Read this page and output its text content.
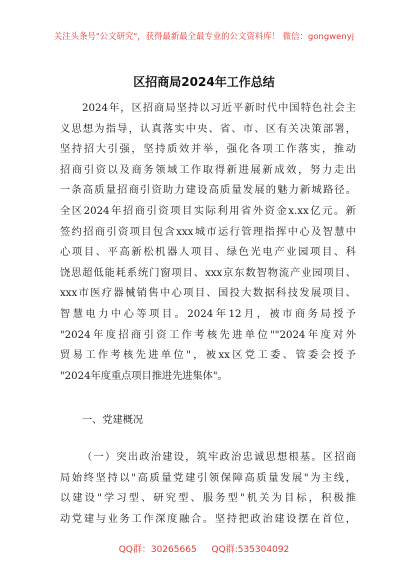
关注头条号"公文研究"，获得最新最全最专业的公文资料库！ 微信：gongwenyj
区招商局2024年工作总结
2024年，区招商局坚持以习近平新时代中国特色社会主
义思想为指导，认真落实中央、省、市、区有关决策部署，
坚持招大引强，坚持质效并举，强化各项工作落实，推动
招商引资以及商务领域工作取得新进展新成效，努力走出
一条高质量招商引资助力建设高质量发展的魅力新城路径。
全区2024年招商引资项目实际利用省外资金x.xx亿元。新
签约招商引资项目包含xxx城市运行管理指挥中心及智慧中
心项目、平高新松机器人项目、绿色光电产业园项目、科
饶思超低能耗系统门窗项目、xxx京东数智物流产业园项目、
xxx市医疗器械销售中心项目、国投大数据科技发展项目、
智慧电力中心等项目。2024年12月，被市商务局授予
"2024年度招商引资工作考核先进单位""2024年度对外
贸易工作考核先进单位"，被xx区党工委、管委会授予
"2024年度重点项目推进先进集体"。
一、党建概况
（一）突出政治建设，筑牢政治忠诚思想根基。区招商
局始终坚持以"高质量党建引领保障高质量发展"为主线，
以建设"学习型、研究型、服务型"机关为目标，积极推
动党建与业务工作深度融合。坚持把政治建设摆在首位，
QQ群：30265665 QQ群:535304092
